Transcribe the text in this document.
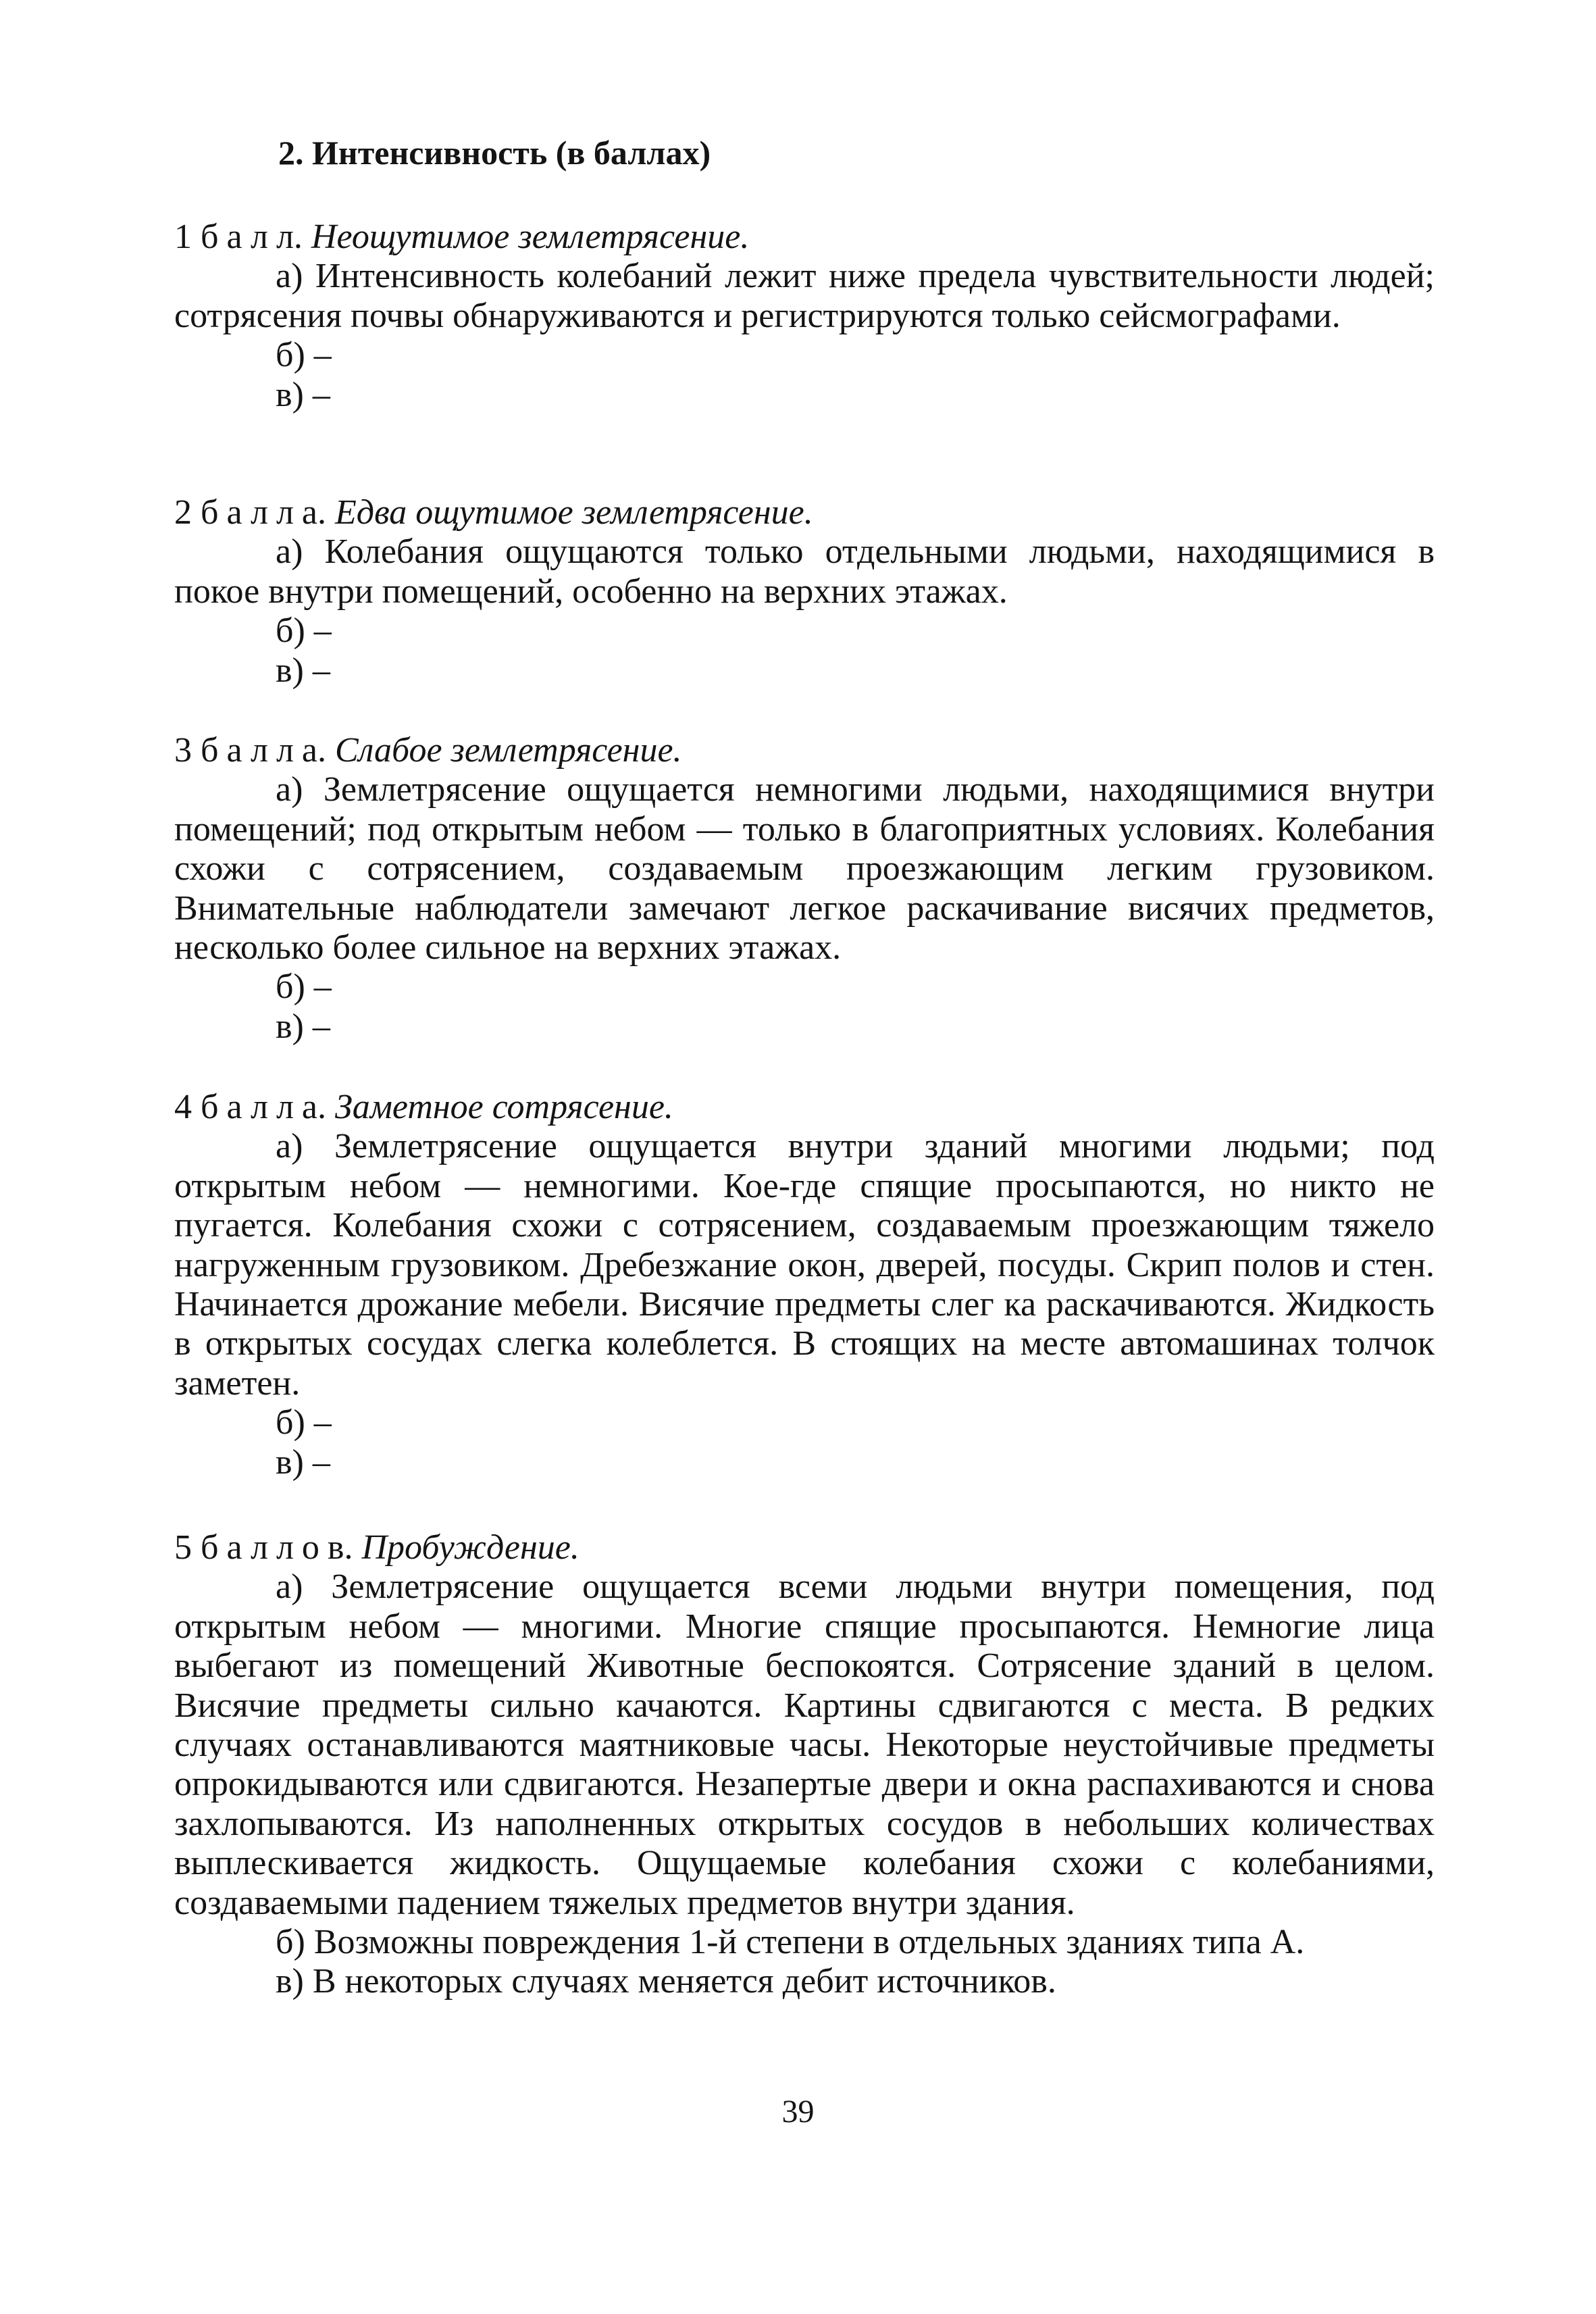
2. Интенсивность (в баллах)

1 балл. Неощутимое землетрясение.

а) Интенсивность колебаний лежит ниже предела чувствительности людей; сотрясения почвы обнаруживаются и регистрируются только сейсмографами.

б) –

в) –

2 балла. Едва ощутимое землетрясение.

а) Колебания ощущаются только отдельными людьми, находящимися в покое внутри помещений, особенно на верхних этажах.

б) –

в) –

3 балла. Слабое землетрясение.

а) Землетрясение ощущается немногими людьми, находящимися внутри помещений; под открытым небом — только в благоприятных условиях. Колебания схожи с сотрясением, создаваемым проезжающим легким грузовиком. Внимательные наблюдатели замечают легкое раскачивание висячих предметов, несколько более сильное на верхних этажах.

б) –

в) –

4 балла. Заметное сотрясение.

а) Землетрясение ощущается внутри зданий многими людьми; под открытым небом — немногими. Кое-где спящие просыпаются, но никто не пугается. Колебания схожи с сотрясением, создаваемым проезжающим тяжело нагруженным грузовиком. Дребезжание окон, дверей, посуды. Скрип полов и стен. Начинается дрожание мебели. Висячие предметы слег ка раскачиваются. Жидкость в открытых сосудах слегка колеблется. В стоящих на месте автомашинах толчок заметен.

б) –

в) –

5 баллов. Пробуждение.

а) Землетрясение ощущается всеми людьми внутри помещения, под открытым небом — многими. Многие спящие просыпаются. Немногие лица выбегают из помещений Животные беспокоятся. Сотрясение зданий в целом. Висячие предметы сильно качаются. Картины сдвигаются с места. В редких случаях останавливаются маятниковые часы. Некоторые неустойчивые предметы опрокидываются или сдвигаются. Незапертые двери и окна распахиваются и снова захлопываются. Из наполненных открытых сосудов в небольших количествах выплескивается жидкость. Ощущаемые колебания схожи с колебаниями, создаваемыми падением тяжелых предметов внутри здания.

б) Возможны повреждения 1-й степени в отдельных зданиях типа А.

в) В некоторых случаях меняется дебит источников.

39
